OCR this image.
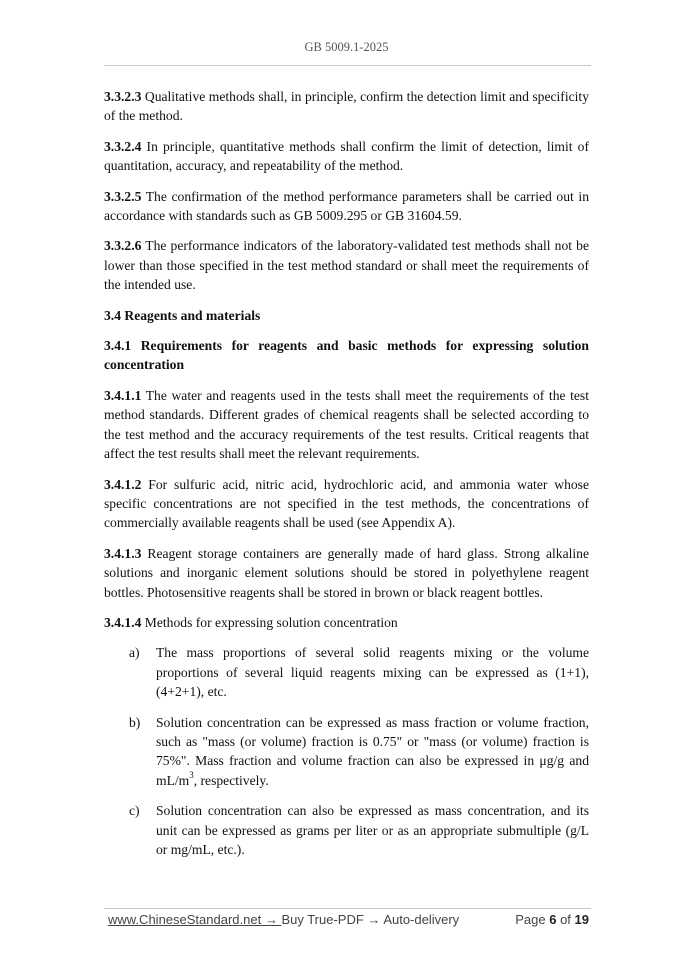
GB 5009.1-2025

3.3.2.3 Qualitative methods shall, in principle, confirm the detection limit and specificity of the method.

3.3.2.4 In principle, quantitative methods shall confirm the limit of detection, limit of quantitation, accuracy, and repeatability of the method.

3.3.2.5 The confirmation of the method performance parameters shall be carried out in accordance with standards such as GB 5009.295 or GB 31604.59.

3.3.2.6 The performance indicators of the laboratory-validated test methods shall not be lower than those specified in the test method standard or shall meet the requirements of the intended use.

3.4 Reagents and materials

3.4.1 Requirements for reagents and basic methods for expressing solution concentration

3.4.1.1 The water and reagents used in the tests shall meet the requirements of the test method standards. Different grades of chemical reagents shall be selected according to the test method and the accuracy requirements of the test results. Critical reagents that affect the test results shall meet the relevant requirements.

3.4.1.2 For sulfuric acid, nitric acid, hydrochloric acid, and ammonia water whose specific concentrations are not specified in the test methods, the concentrations of commercially available reagents shall be used (see Appendix A).

3.4.1.3 Reagent storage containers are generally made of hard glass. Strong alkaline solutions and inorganic element solutions should be stored in polyethylene reagent bottles. Photosensitive reagents shall be stored in brown or black reagent bottles.

3.4.1.4 Methods for expressing solution concentration

a) The mass proportions of several solid reagents mixing or the volume proportions of several liquid reagents mixing can be expressed as (1+1), (4+2+1), etc.
b) Solution concentration can be expressed as mass fraction or volume fraction, such as "mass (or volume) fraction is 0.75" or "mass (or volume) fraction is 75%". Mass fraction and volume fraction can also be expressed in μg/g and $mL/m^3$, respectively.
c) Solution concentration can also be expressed as mass concentration, and its unit can be expressed as grams per liter or as an appropriate submultiple (g/L or mg/mL, etc.).
www.ChineseStandard.net → Buy True-PDF → Auto-delivery	Page 6 of 19
